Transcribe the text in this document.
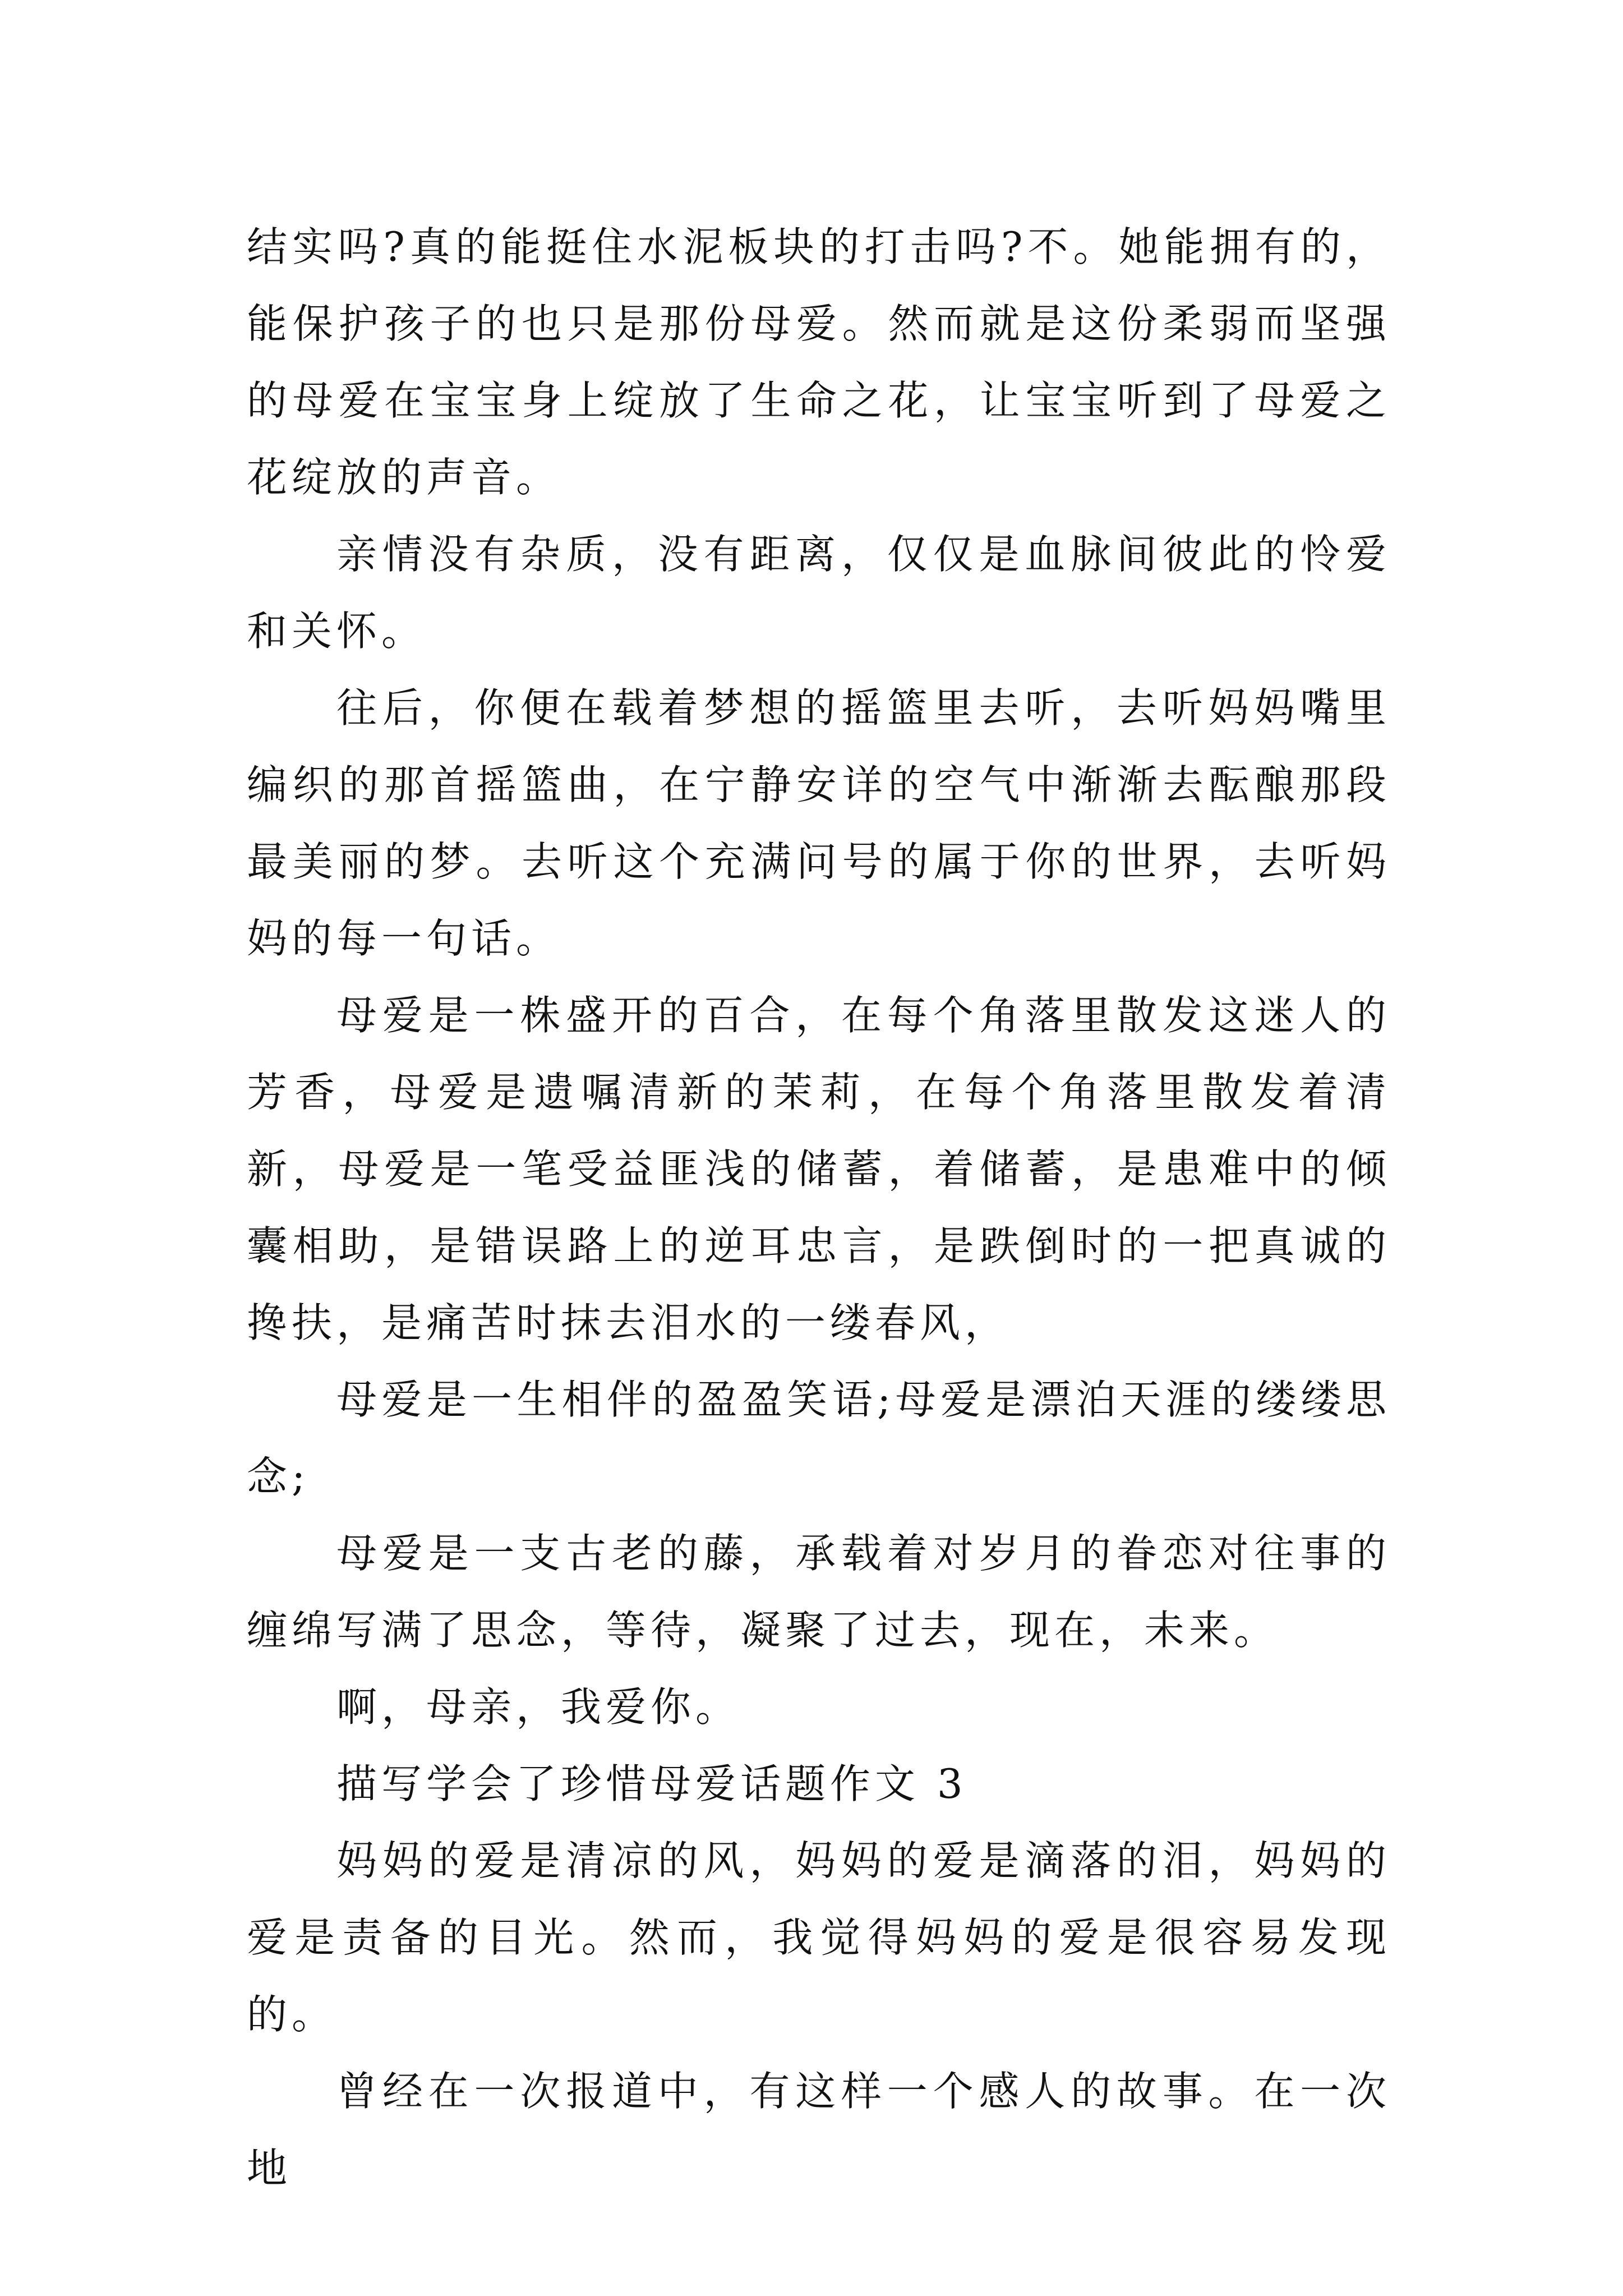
结实吗?真的能挺住水泥板块的打击吗?不。她能拥有的，能保护孩子的也只是那份母爱。然而就是这份柔弱而坚强的母爱在宝宝身上绽放了生命之花，让宝宝听到了母爱之花绽放的声音。

亲情没有杂质，没有距离，仅仅是血脉间彼此的怜爱和关怀。

往后，你便在载着梦想的摇篮里去听，去听妈妈嘴里编织的那首摇篮曲，在宁静安详的空气中渐渐去酝酿那段最美丽的梦。去听这个充满问号的属于你的世界，去听妈妈的每一句话。

母爱是一株盛开的百合，在每个角落里散发这迷人的芳香，母爱是遗嘱清新的茉莉，在每个角落里散发着清新，母爱是一笔受益匪浅的储蓄，着储蓄，是患难中的倾囊相助，是错误路上的逆耳忠言，是跌倒时的一把真诚的搀扶，是痛苦时抹去泪水的一缕春风，

母爱是一生相伴的盈盈笑语;母爱是漂泊天涯的缕缕思念;

母爱是一支古老的藤，承载着对岁月的眷恋对往事的缠绵写满了思念，等待，凝聚了过去，现在，未来。

啊，母亲，我爱你。

描写学会了珍惜母爱话题作文 3

妈妈的爱是清凉的风，妈妈的爱是滴落的泪，妈妈的爱是责备的目光。然而，我觉得妈妈的爱是很容易发现的。

曾经在一次报道中，有这样一个感人的故事。在一次地
